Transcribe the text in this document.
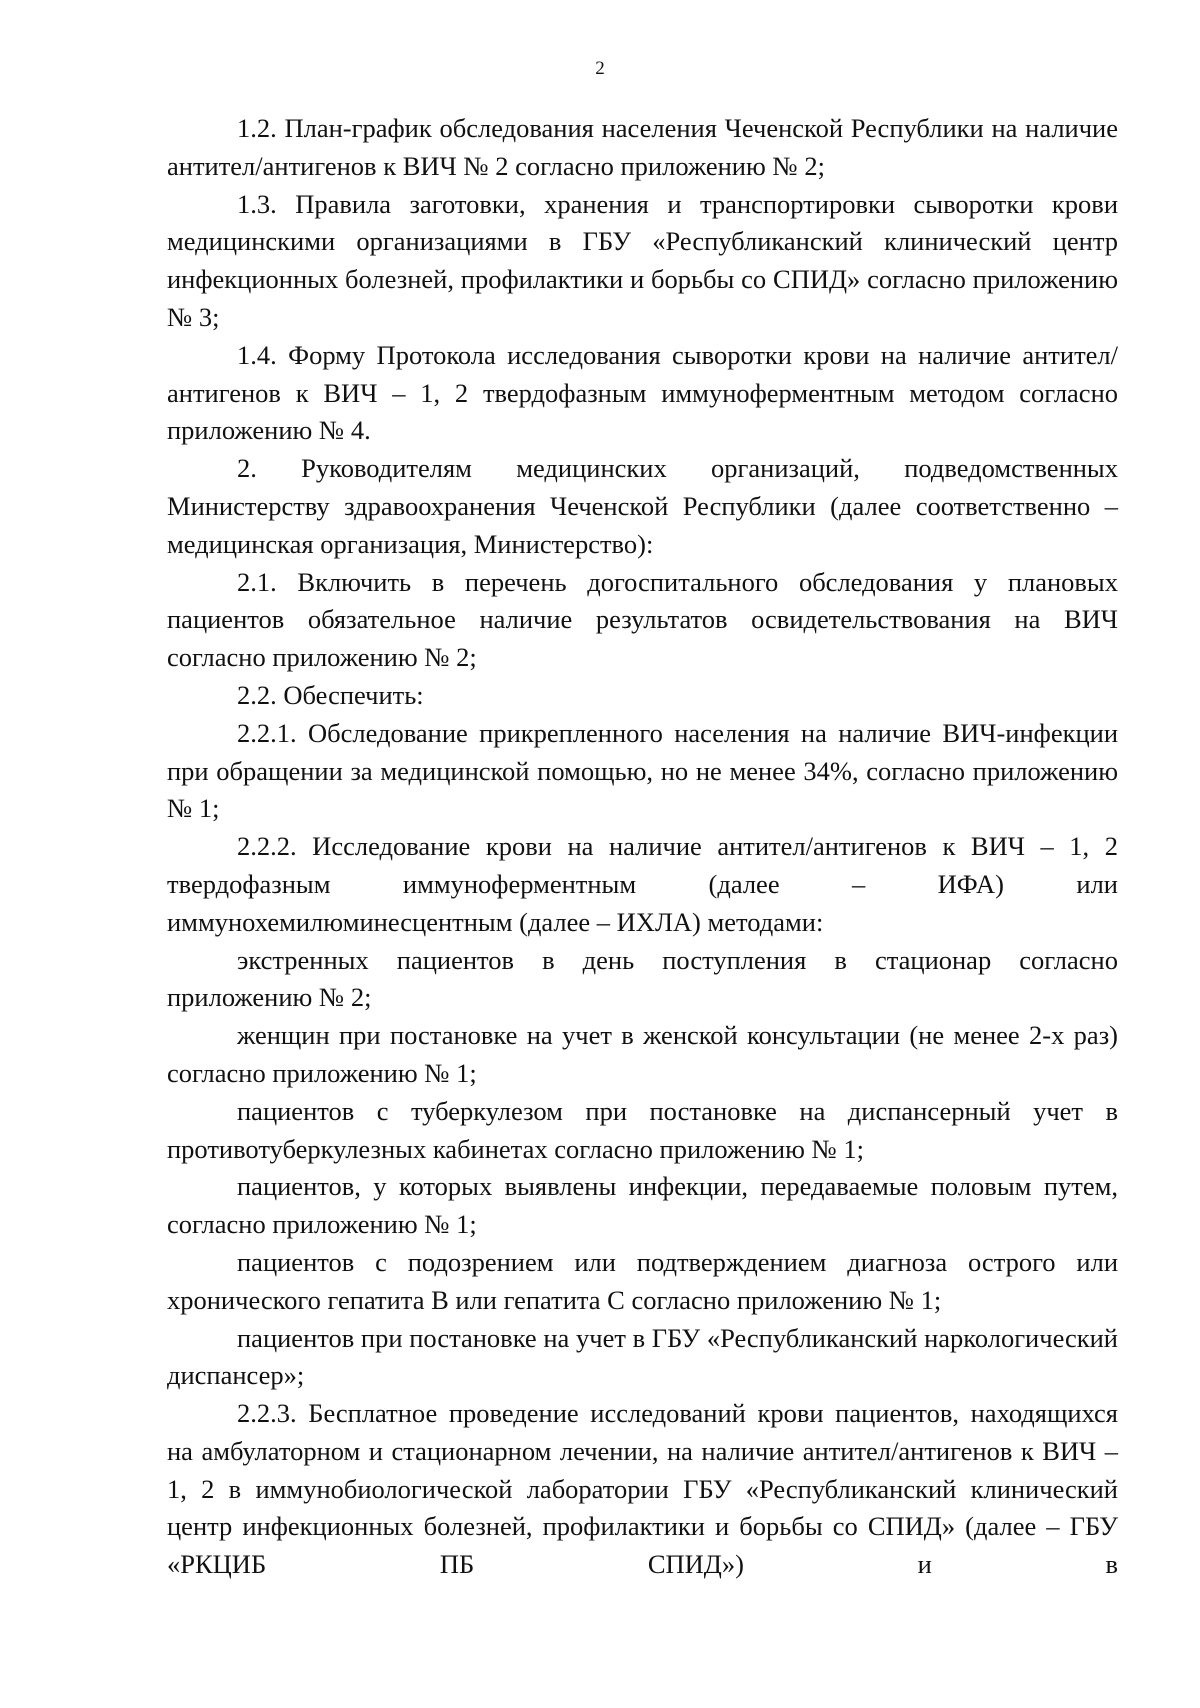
2

1.2. План-график обследования населения Чеченской Республики на наличие антител/антигенов к ВИЧ № 2 согласно приложению № 2;

1.3. Правила заготовки, хранения и транспортировки сыворотки крови медицинскими организациями в ГБУ «Республиканский клинический центр инфекционных болезней, профилактики и борьбы со СПИД» согласно приложению № 3;

1.4. Форму Протокола исследования сыворотки крови на наличие антител/антигенов к ВИЧ – 1, 2 твердофазным иммуноферментным методом согласно приложению № 4.

2. Руководителям медицинских организаций, подведомственных Министерству здравоохранения Чеченской Республики (далее соответственно – медицинская организация, Министерство):

2.1. Включить в перечень догоспитального обследования у плановых пациентов обязательное наличие результатов освидетельствования на ВИЧ согласно приложению № 2;

2.2. Обеспечить:

2.2.1. Обследование прикрепленного населения на наличие ВИЧ-инфекции при обращении за медицинской помощью, но не менее 34%, согласно приложению № 1;

2.2.2. Исследование крови на наличие антител/антигенов к ВИЧ – 1, 2 твердофазным иммуноферментным (далее – ИФА) или иммунохемилюминесцентным (далее – ИХЛА) методами:

экстренных пациентов в день поступления в стационар согласно приложению № 2;

женщин при постановке на учет в женской консультации (не менее 2-х раз) согласно приложению № 1;

пациентов с туберкулезом при постановке на диспансерный учет в противотуберкулезных кабинетах согласно приложению № 1;

пациентов, у которых выявлены инфекции, передаваемые половым путем, согласно приложению № 1;

пациентов с подозрением или подтверждением диагноза острого или хронического гепатита В или гепатита С согласно приложению № 1;

пациентов при постановке на учет в ГБУ «Республиканский наркологический диспансер»;

2.2.3. Бесплатное проведение исследований крови пациентов, находящихся на амбулаторном и стационарном лечении, на наличие антител/антигенов к ВИЧ – 1, 2 в иммунобиологической лаборатории ГБУ «Республиканский клинический центр инфекционных болезней, профилактики и борьбы со СПИД» (далее – ГБУ «РКЦИБ ПБ СПИД») и в
